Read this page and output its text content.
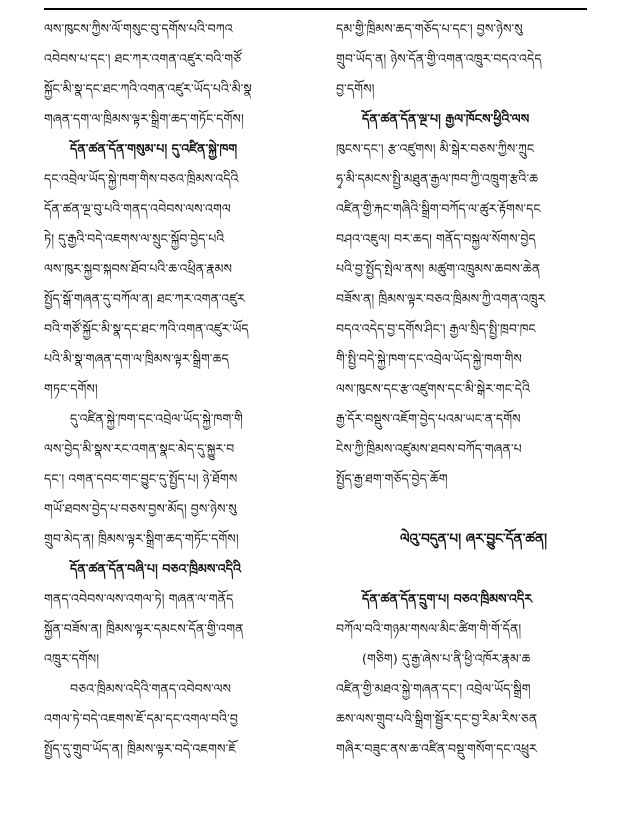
ལས་ཁུངས་ཀྱིས་ལོ་གསུང་བུ་དགོས་པའི་བཀའ
འབེབས་པ་དང་། ཐང་ཀར་འགན་འཛུར་བའི་གཙོ
སྐྱོང་མི་སྣ་དང་ཐང་ཀའི་འགན་འཛུར་ཡོད་པའི་མི་སྣ
གཞན་དག་ལ་ཁྲིམས་ལྟར་སྒྲིག་ཆད་གཏོང་དགོས།
དོན་ཚན་དོན་གསུམ་པ། དུ་འཛིན་སྐྱེ་ཁག
དང་འབྲེལ་ཡོད་སྐྱེ་ཁག་གིས་བཅའ་ཁྲིམས་འདིའི
དོན་ཚན་ལྔ་བུ་པའི་གནད་འབེབས་ལས་འགལ
ཏེ། དུ་རྒྱའི་བདེ་འཇགས་ལ་སྲུང་སྐྱོབ་བྱེད་པའི
ལས་ཁུར་སྐྱབ་སྐབས་ཐོབ་པའི་ཆ་འཕྲིན་རྣམས
སྤྱོད་སྒོ་གཞན་དུ་བཀོལ་ན། ཐང་ཀར་འགན་འཛུར
བའི་གཙོ་སྐྱོང་མི་སྣ་དང་ཐང་ཀའི་འགན་འཛུར་ཡོད
པའི་མི་སྣ་གཞན་དག་ལ་ཁྲིམས་ལྟར་སྒྲིག་ཆད
གཏང་དགོས།
དུ་འཛིན་སྐྱེ་ཁག་དང་འབྲེལ་ཡོད་སྐྱེ་ཁག་གི
ལས་བྱེད་མི་སྣས་རང་འགན་སྣང་མེད་དུ་སྐྱུར་བ
དང་། འགན་དབང་གང་བྱུང་དུ་སྤྱོད་པ། ཉེ་ཐོགས
གཡོ་ཐབས་བྱེད་པ་བཅས་བྱས་མོད། བྱས་ཉེས་སུ
གྲུབ་མེད་ན། ཁྲིམས་ལྟར་སྒྲིག་ཆད་གཏོང་དགོས།
དོན་ཚན་དོན་བཞི་པ། བཅའ་ཁྲིམས་འདིའི
གནད་འབེབས་ལས་འགལ་ཏེ། གཞན་ལ་གནོད
སྐྱོན་བཟོས་ན། ཁྲིམས་ལྟར་དམངས་དོན་གྱི་འགན
འཁྲུར་དགོས།
བཅའ་ཁྲིམས་འདིའི་གནད་འབེབས་ལས
འགལ་ཏེ་བདེ་འཇགས་ཇོ་དམ་དང་འགལ་བའི་བྱ
སྤྱོད་དུ་གྲུབ་ཡོད་ན། ཁྲིམས་ལྟར་བདེ་འཇགས་ཇོ
དམ་གྱི་ཁྲིམས་ཆད་གཅོད་པ་དང་། བྱས་ཉེས་སུ
གྲུབ་ཡོད་ན། ཉེས་དོན་གྱི་འགན་འཁྲུར་བདའ་འདེད
བྱ་དགོས།
དོན་ཚན་དོན་ལྔ་པ། རྒྱལ་ཁོངས་ཕྱིའི་ལས
ཁུངས་དང་། རྩ་འཛུགས། མི་སྒེར་བཅས་ཀྱིས་ཀྲུང
ཧྭ་མི་དམངས་སྤྱི་མཐུན་རྒྱལ་ཁབ་ཀྱི་འཁྲུག་རྩའི་ཆ
འཛིན་གྱི་རྐང་གཞིའི་སྒྲིག་བཀོད་ལ་ཚུར་རྟོགས་དང
བཤའ་འཇུལ། བར་ཆད། གནོད་བསྐྱལ་སོགས་བྱེད
པའི་བྱ་སྤྱོད་སྤེལ་ནས། མཚུག་འཁྲུམས་ཆབས་ཆེན
བཟོས་ན། ཁྲིམས་ལྟར་བཅའ་ཁྲིམས་ཀྱི་འགན་འཁྲུར
བདའ་འདེད་བྱ་དགོས་ཤིང་། རྒྱལ་སྲིད་སྤྱི་ཁྲབ་ཁང
གི་སྤྱི་བདེ་སྐྱེ་ཁག་དང་འབྲེལ་ཡོད་སྐྱེ་ཁག་གིས
ལས་ཁུངས་དང་རྩ་འཛུགས་དང་མི་སྒེར་གང་དེའི
རྒྱ་དོར་བསྡུས་འཇོག་བྱེད་པའམ་ཡང་ན་དགོས
ངེས་ཀྱི་ཁྲིམས་འཛུམས་ཐབས་བཀོད་གཞན་པ
སྤྱོད་རྒྱ་ཐག་གཅོད་བྱེད་ཆོག
ལེའུ་བདུན་པ། ཞར་བྱུང་དོན་ཚན།
དོན་ཚན་དོན་དྲུག་པ། བཅའ་ཁྲིམས་འདིར
བཀོལ་བའི་གཉམ་གསལ་མིང་ཚིག་གི་གོ་དོན།
(གཅིག) དུ་རྒྱ་ཞེས་པ་ནི་ཕྱི་འཁོར་རྣམ་ཆ
འཛིན་གྱི་མཐའ་སྐྱེ་གཞན་དང་། འབྲེལ་ཡོད་སྒྲིག
ཆས་ལས་གྲུབ་པའི་སྒྲིག་སྦྱོར་དང་བྱ་རིམ་རིས་ཅན
གཞིར་བཟུང་ནས་ཆ་འཛིན་བསྡུ་གསོག་དང་འཕྲུར
